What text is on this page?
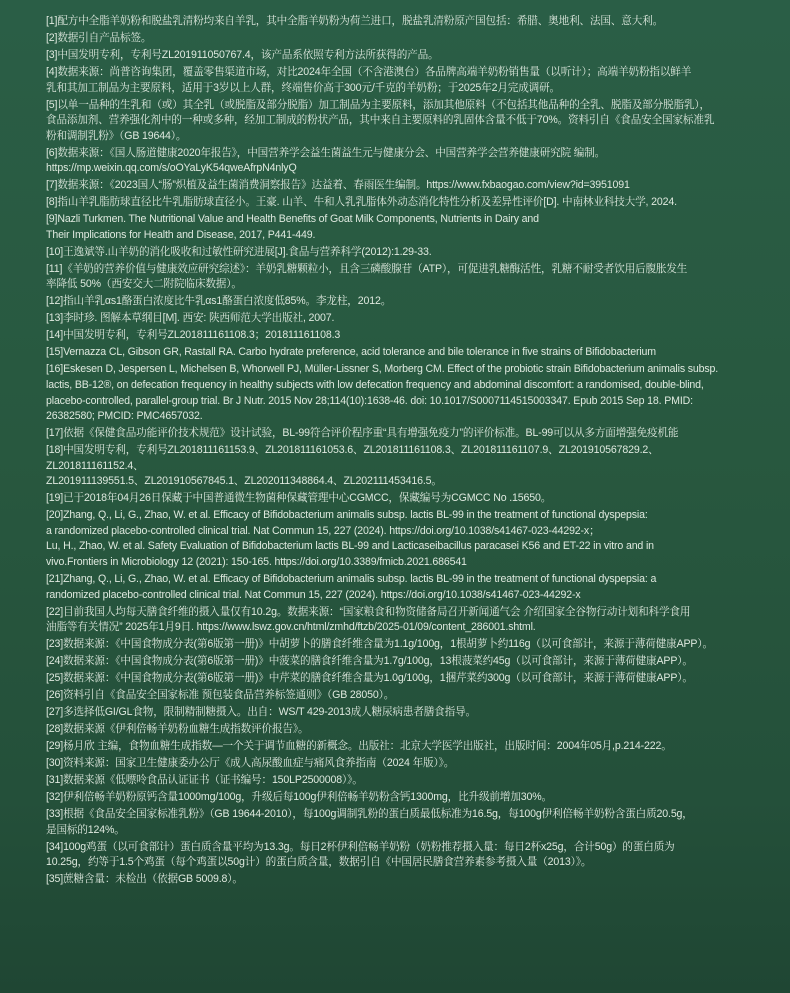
[1]配方中全脂羊奶粉和脱盐乳清粉均来自羊乳，其中全脂羊奶粉为荷兰进口，脱盐乳清粉原产国包括：希腊、奥地利、法国、意大利。

[2]数据引自产品标签。

[3]中国发明专利，专利号ZL201911050767.4，该产品系依照专利方法所获得的产品。

[4]数据来源：尚普咨询集团，覆盖零售渠道市场，对比2024年全国（不含港澳台）各品牌高端羊奶粉销售量（以听计）；高端羊奶粉指以鲜羊
乳和其加工制品为主要原料，适用于3岁以上人群，终端售价高于300元/千克的羊奶粉；于2025年2月完成调研。

[5]以单一品种的生乳和（或）其全乳（或脱脂及部分脱脂）加工制品为主要原料，添加其他原料（不包括其他品种的全乳、脱脂及部分脱脂乳），
食品添加剂、营养强化剂中的一种或多种，经加工制成的粉状产品，其中来自主要原料的乳固体含量不低于70%。资料引自《食品安全国家标准乳
粉和调制乳粉》（GB 19644）。

[6]数据来源：《国人肠道健康2020年报告》，中国营养学会益生菌益生元与健康分会、中国营养学会营养健康研究院 编制。
https://mp.weixin.qq.com/s/oOYaLyK54qweAfrpN4nlyQ

[7]数据来源：《2023国人“肠”炽植及益生菌消费洞察报告》达益着、春雨医生编制。https://www.fxbaogao.com/view?id=3951091

[8]指山羊乳脂肪球直径比牛乳脂肪球直径小。王豪. 山羊、牛和人乳乳脂体外动态消化特性分析及差异性评价[D]. 中南林业科技大学, 2024.

[9]Nazli Turkmen. The Nutritional Value and Health Benefits of Goat Milk Components, Nutrients in Dairy and
Their Implications for Health and Disease, 2017, P441-449.

[10]王逸斌等.山羊奶的消化吸收和过敏性研究进展[J].食品与营养科学(2012):1.29-33.

[11]《羊奶的营养价值与健康效应研究综述》：羊奶乳糖颗粒小，且含三磷酸腺苷（ATP），可促进乳糖酶活性，乳糖不耐受者饮用后腹胀发生
率降低 50%（西安交大二附院临床数据）。

[12]指山羊乳αs1酪蛋白浓度比牛乳αs1酪蛋白浓度低85%。李龙柱，2012。

[13]李时珍. 图解本草纲目[M]. 西安: 陕西师范大学出版社, 2007.

[14]中国发明专利，专利号ZL201811161108.3；201811161108.3

[15]Vernazza CL, Gibson GR, Rastall RA. Carbo hydrate preference, acid tolerance and bile tolerance in five strains of Bifidobacterium

[16]Eskesen D, Jespersen L, Michelsen B, Whorwell PJ, Müller-Lissner S, Morberg CM. Effect of the probiotic strain Bifidobacterium animalis subsp.
lactis, BB-12®, on defecation frequency in healthy subjects with low defecation frequency and abdominal discomfort: a randomised, double-blind,
placebo-controlled, parallel-group trial. Br J Nutr. 2015 Nov 28;114(10):1638-46. doi: 10.1017/S0007114515003347. Epub 2015 Sep 18. PMID:
26382580; PMCID: PMC4657032.

[17]依据《保健食品功能评价技术规范》设计试验，BL-99符合评价程序重“具有增强免疫力”的评价标准。BL-99可以从多方面增强免疫机能

[18]中国发明专利，专利号ZL201811161153.9、ZL201811161053.6、ZL201811161108.3、ZL201811161107.9、ZL201910567829.2、ZL201811161152.4、
ZL201911139551.5、ZL201910567845.1、ZL202011348864.4、ZL202111453416.5。

[19]已于2018年04月26日保藏于中国普通微生物菌种保藏管理中心CGMCC，保藏编号为CGMCC No .15650。

[20]Zhang, Q., Li, G., Zhao, W. et al. Efficacy of Bifidobacterium animalis subsp. lactis BL-99 in the treatment of functional dyspepsia:
a randomized placebo-controlled clinical trial. Nat Commun 15, 227 (2024). https://doi.org/10.1038/s41467-023-44292-x；
Lu, H., Zhao, W. et al. Safety Evaluation of Bifidobacterium lactis BL-99 and Lacticaseibacillus paracasei K56 and ET-22 in vitro and in
vivo.Frontiers in Microbiology 12 (2021): 150-165. https://doi.org/10.3389/fmicb.2021.686541

[21]Zhang, Q., Li, G., Zhao, W. et al. Efficacy of Bifidobacterium animalis subsp. lactis BL-99 in the treatment of functional dyspepsia: a
randomized placebo-controlled clinical trial. Nat Commun 15, 227 (2024). https://doi.org/10.1038/s41467-023-44292-x

[22]目前我国人均每天膳食纤维的摄入量仅有10.2g。数据来源：“国家粮食和物资储备局召开新闻通气会 介绍国家全谷物行动计划和科学食用
油脂等有关情况” 2025年1月9日. https://www.lswz.gov.cn/html/zmhd/ftzb/2025-01/09/content_286001.shtml.

[23]数据来源：《中国食物成分表(第6版第一册)》中胡萝卜的膳食纤维含量为1.1g/100g，1根胡萝卜约116g（以可食部计，来源于薄荷健康APP）。

[24]数据来源：《中国食物成分表(第6版第一册)》中菠菜的膳食纤维含量为1.7g/100g，13根菠菜约45g（以可食部计，来源于薄荷健康APP）。

[25]数据来源：《中国食物成分表(第6版第一册)》中芹菜的膳食纤维含量为1.0g/100g，1捆芹菜约300g（以可食部计，来源于薄荷健康APP）。

[26]资料引自《食品安全国家标准 预包装食品营养标签通则》（GB 28050）。

[27]多选择低GI/GL食物，限制精制糖摄入。出自：WS/T 429-2013成人糖尿病患者膳食指导。

[28]数据来源《伊利倍畅羊奶粉血糖生成指数评价报告》。

[29]杨月欣 主编，食物血糖生成指数—一个关于调节血糖的新概念。出版社：北京大学医学出版社，出版时间：2004年05月,p.214-222。

[30]资料来源：国家卫生健康委办公厅《成人高尿酸血症与痛风食养指南（2024 年版）》。

[31]数据来源《低嘌呤食品认证证书（证书编号：150LP2500008）》。

[32]伊利倍畅羊奶粉原钙含量1000mg/100g，升级后每100g伊利倍畅羊奶粉含钙1300mg，比升级前增加30%。

[33]根据《食品安全国家标准乳粉》（GB 19644-2010），每100g调制乳粉的蛋白质最低标准为16.5g，每100g伊利倍畅羊奶粉含蛋白质20.5g，
是国标的124%。

[34]100g鸡蛋（以可食部计）蛋白质含量平均为13.3g。每日2杯伊利倍畅羊奶粉（奶粉推荐摄入量：每日2杯x25g，合计50g）的蛋白质为
10.25g，约等于1.5个鸡蛋（每个鸡蛋以50g计）的蛋白质含量，数据引自《中国居民膳食营养素参考摄入量（2013）》。

[35]蔗糖含量：未检出（依据GB 5009.8）。
